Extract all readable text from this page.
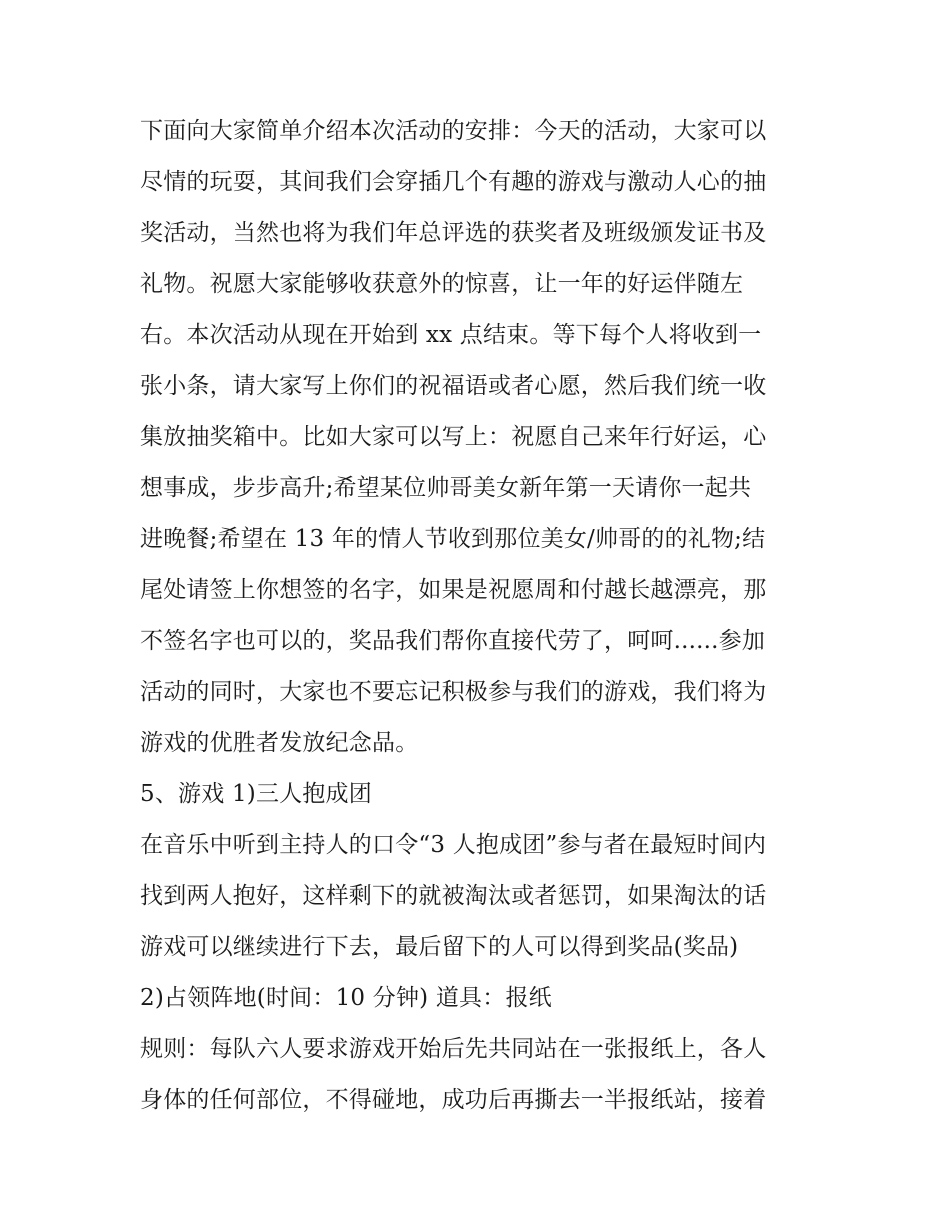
下面向大家简单介绍本次活动的安排：今天的活动，大家可以
尽情的玩耍，其间我们会穿插几个有趣的游戏与激动人心的抽
奖活动，当然也将为我们年总评选的获奖者及班级颁发证书及
礼物。祝愿大家能够收获意外的惊喜，让一年的好运伴随左
右。本次活动从现在开始到 xx 点结束。等下每个人将收到一
张小条，请大家写上你们的祝福语或者心愿，然后我们统一收
集放抽奖箱中。比如大家可以写上：祝愿自己来年行好运，心
想事成，步步高升;希望某位帅哥美女新年第一天请你一起共
进晚餐;希望在 13 年的情人节收到那位美女/帅哥的的礼物;结
尾处请签上你想签的名字，如果是祝愿周和付越长越漂亮，那
不签名字也可以的，奖品我们帮你直接代劳了，呵呵......参加
活动的同时，大家也不要忘记积极参与我们的游戏，我们将为
游戏的优胜者发放纪念品。
5、游戏 1)三人抱成团
在音乐中听到主持人的口令“3 人抱成团”参与者在最短时间内
找到两人抱好，这样剩下的就被淘汰或者惩罚，如果淘汰的话
游戏可以继续进行下去，最后留下的人可以得到奖品(奖品)
2)占领阵地(时间：10 分钟) 道具：报纸
规则：每队六人要求游戏开始后先共同站在一张报纸上，各人
身体的任何部位，不得碰地，成功后再撕去一半报纸站，接着
